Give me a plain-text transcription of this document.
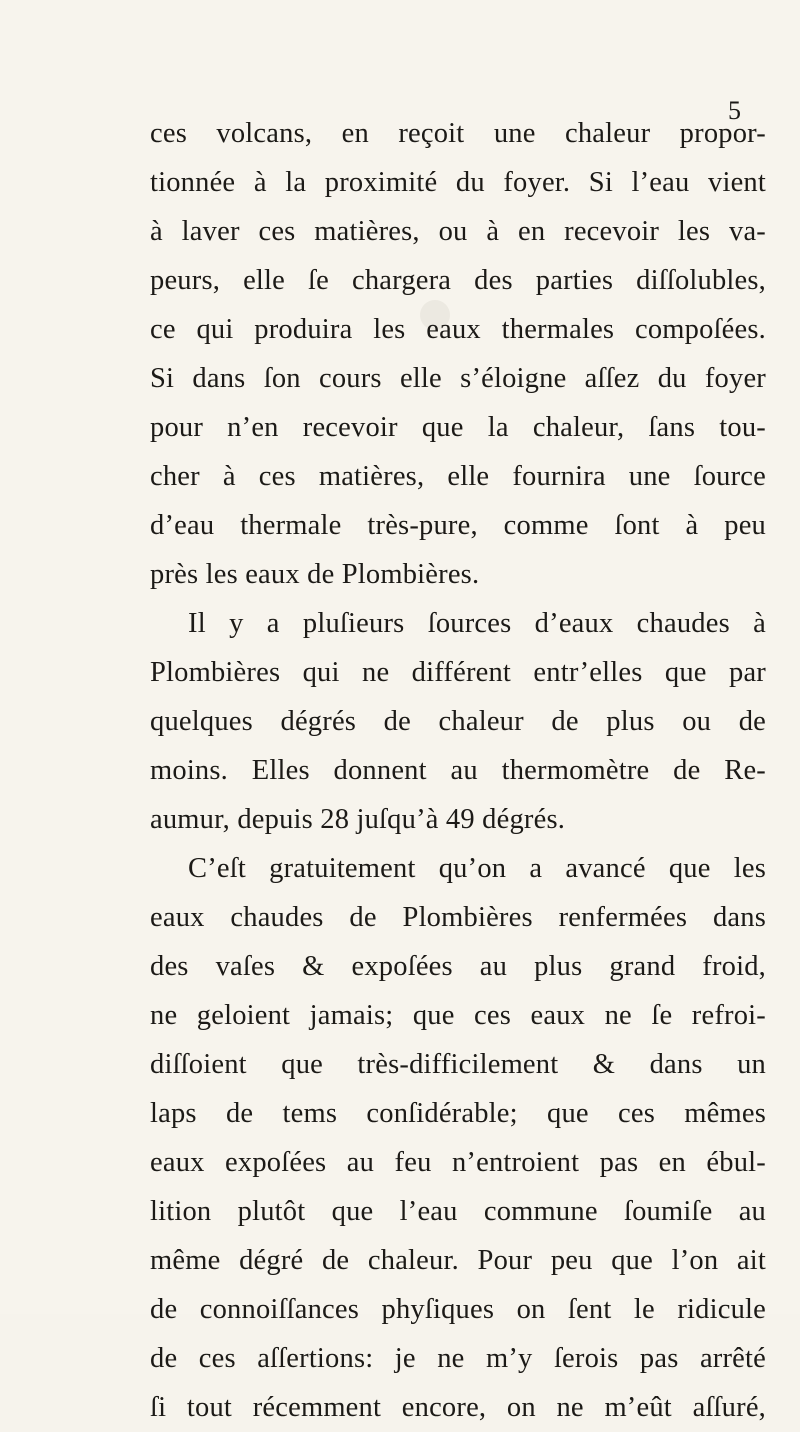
5
ces volcans, en reçoit une chaleur propor-
tionnée à la proximité du foyer. Si l’eau vient
à laver ces matières, ou à en recevoir les va-
peurs, elle ſe chargera des parties diſſolubles,
ce qui produira les eaux thermales compoſées.
Si dans ſon cours elle s’éloigne aſſez du foyer
pour n’en recevoir que la chaleur, ſans tou-
cher à ces matières, elle fournira une ſource
d’eau thermale très-pure, comme ſont à peu
près les eaux de Plombières.
Il y a pluſieurs ſources d’eaux chaudes à
Plombières qui ne différent entr’elles que par
quelques dégrés de chaleur de plus ou de
moins. Elles donnent au thermomètre de Re-
aumur, depuis 28 juſqu’à 49 dégrés.
C’eſt gratuitement qu’on a avancé que les
eaux chaudes de Plombières renfermées dans
des vaſes & expoſées au plus grand froid,
ne geloient jamais; que ces eaux ne ſe refroi-
diſſoient que très-difficilement & dans un
laps de tems conſidérable; que ces mêmes
eaux expoſées au feu n’entroient pas en ébul-
lition plutôt que l’eau commune ſoumiſe au
même dégré de chaleur. Pour peu que l’on ait
de connoiſſances phyſiques on ſent le ridicule
de ces aſſertions: je ne m’y ſerois pas arrêté
ſi tout récemment encore, on ne m’eût aſſuré,
